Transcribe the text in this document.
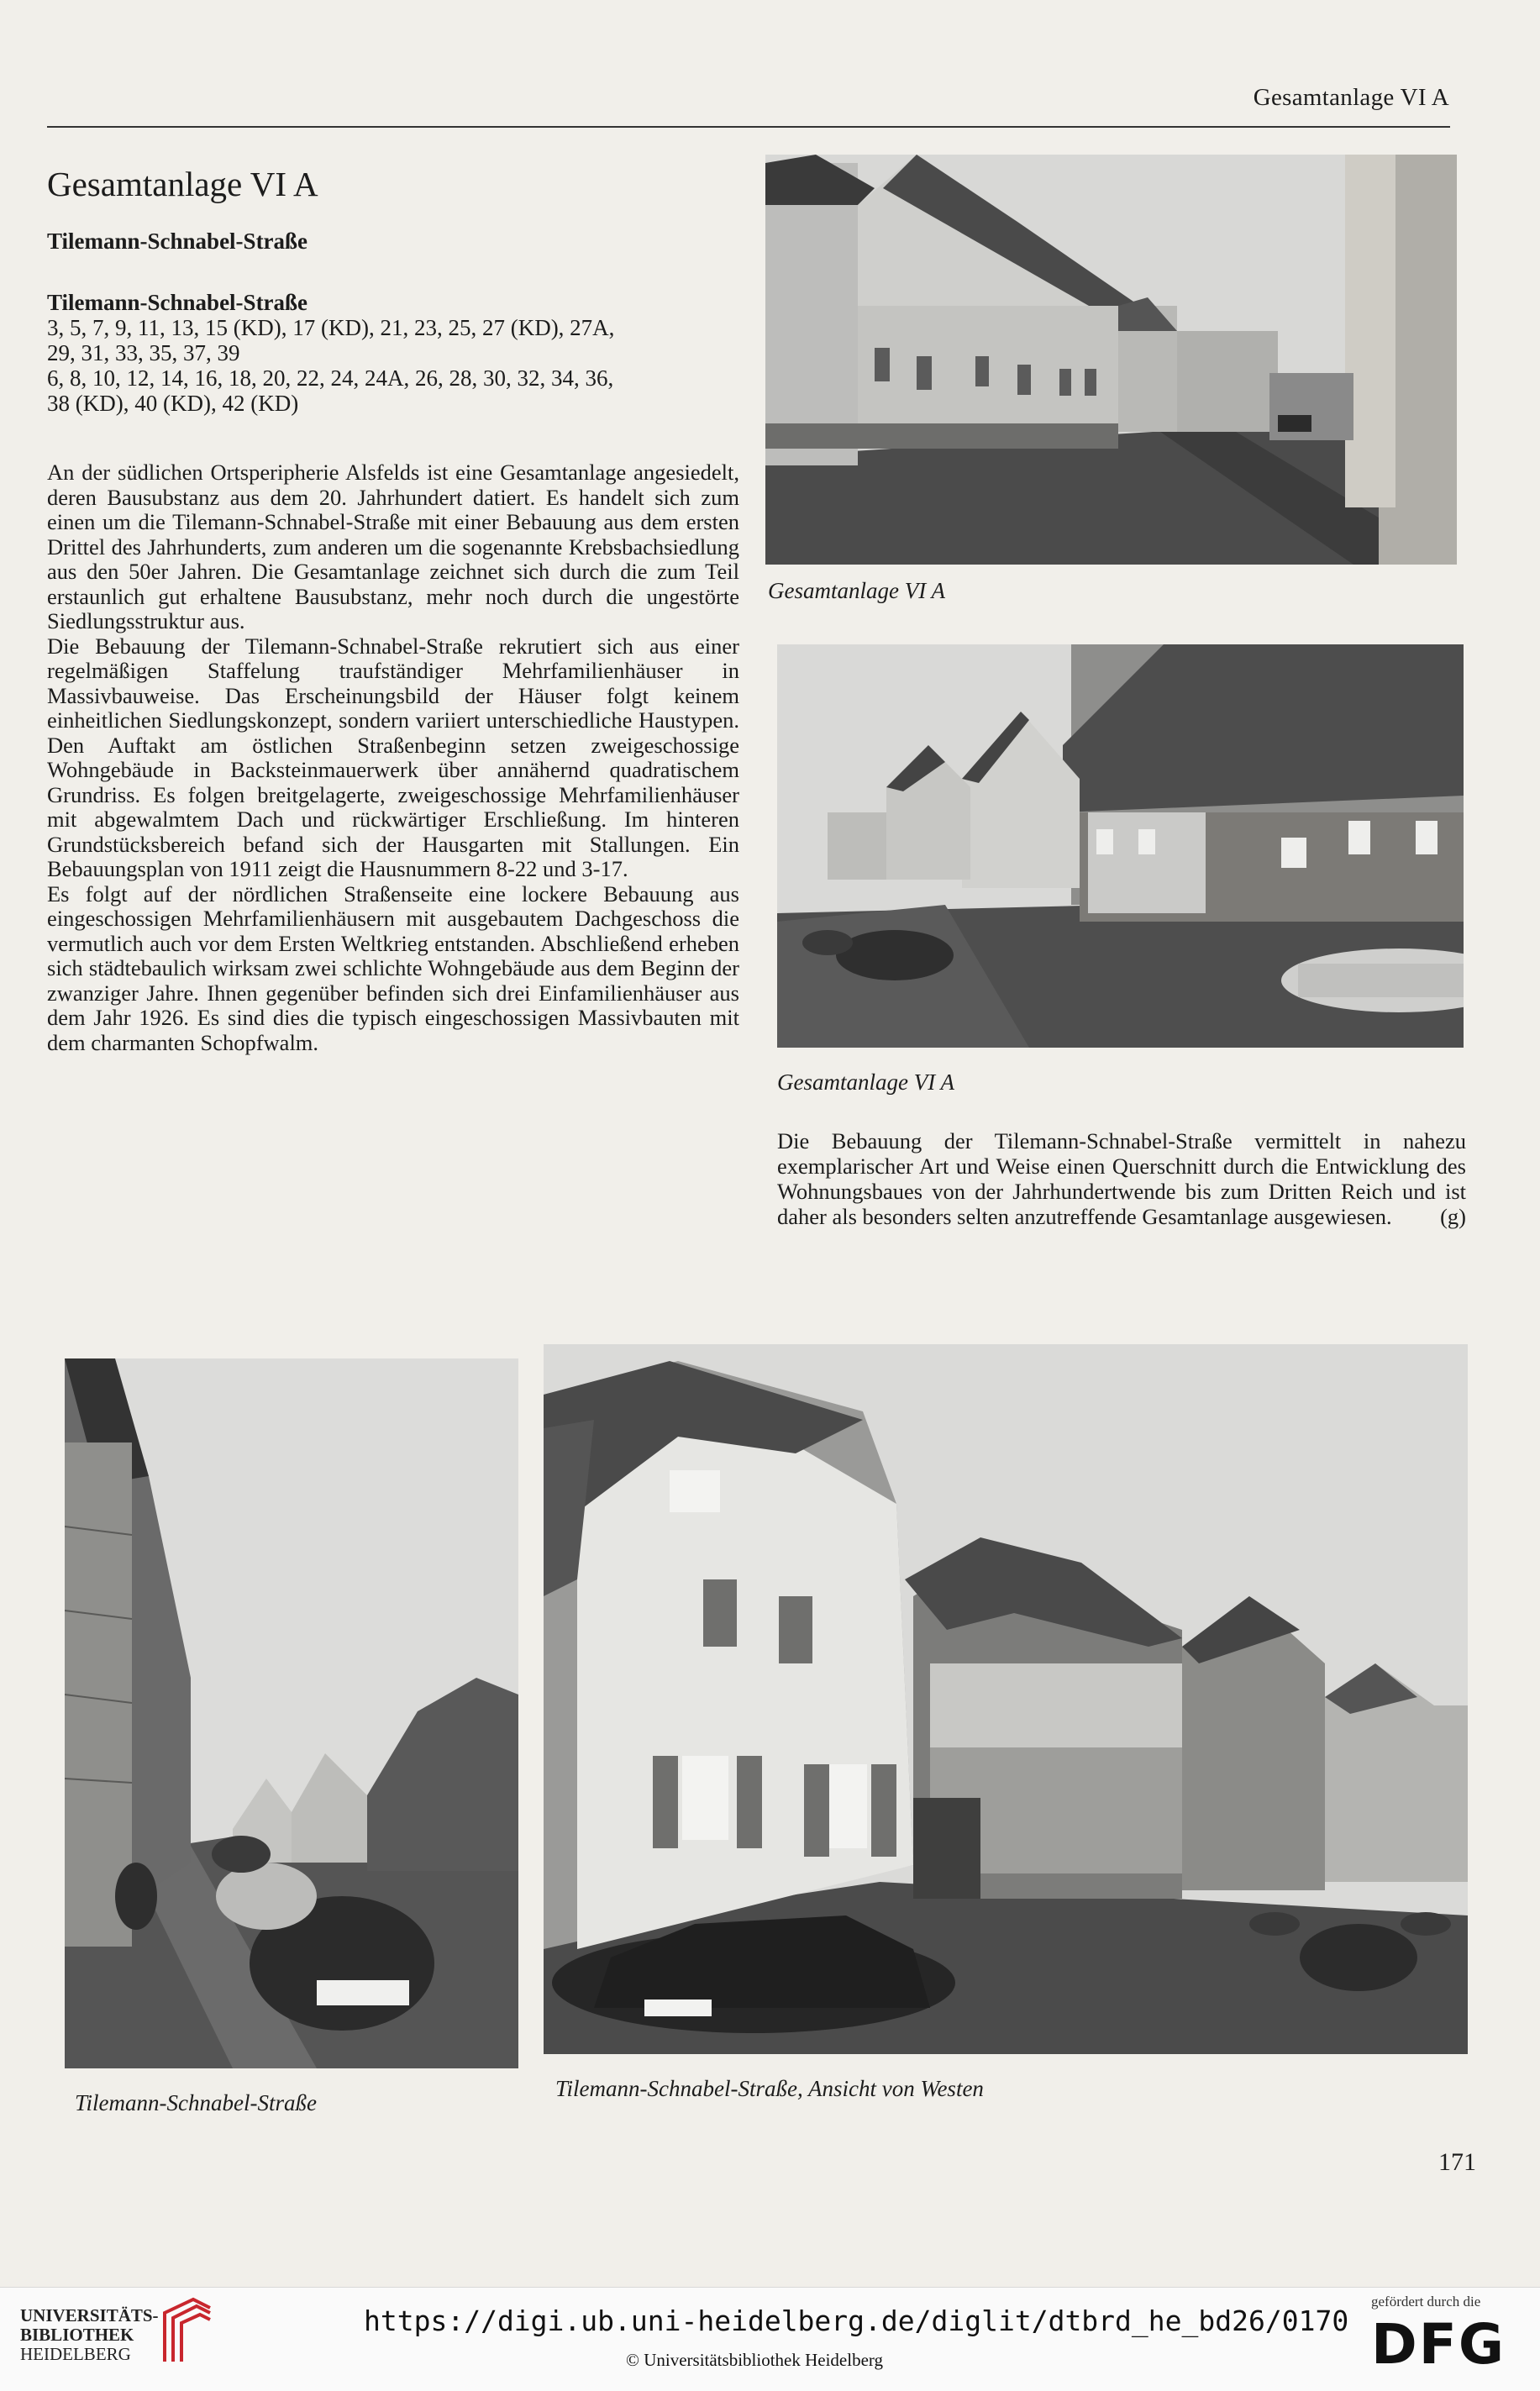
Gesamtanlage VI A
Gesamtanlage VI A
Tilemann-Schnabel-Straße
Tilemann-Schnabel-Straße
3, 5, 7, 9, 11, 13, 15 (KD), 17 (KD), 21, 23, 25, 27 (KD), 27A,
29, 31, 33, 35, 37, 39
6, 8, 10, 12, 14, 16, 18, 20, 22, 24, 24A, 26, 28, 30, 32, 34, 36,
38 (KD), 40 (KD), 42 (KD)

An der südlichen Ortsperipherie Alsfelds ist eine Gesamtanlage angesiedelt, deren Bausubstanz aus dem 20. Jahrhundert datiert. Es handelt sich zum einen um die Tilemann-Schnabel-Straße mit einer Bebauung aus dem ersten Drittel des Jahrhunderts, zum anderen um die sogenannte Krebsbachsiedlung aus den 50er Jahren. Die Gesamtanlage zeichnet sich durch die zum Teil erstaunlich gut erhaltene Bausubstanz, mehr noch durch die ungestörte Siedlungsstruktur aus.

Die Bebauung der Tilemann-Schnabel-Straße rekrutiert sich aus einer regelmäßigen Staffelung traufständiger Mehrfamilienhäuser in Massivbauweise. Das Erscheinungsbild der Häuser folgt keinem einheitlichen Siedlungskonzept, sondern variiert unterschiedliche Haustypen. Den Auftakt am östlichen Straßenbeginn setzen zweigeschossige Wohngebäude in Backsteinmauerwerk über annähernd quadratischem Grundriss. Es folgen breitgelagerte, zweigeschossige Mehrfamilienhäuser mit abgewalmtem Dach und rückwärtiger Erschließung. Im hinteren Grundstücksbereich befand sich der Hausgarten mit Stallungen. Ein Bebauungsplan von 1911 zeigt die Hausnummern 8-22 und 3-17.

Es folgt auf der nördlichen Straßenseite eine lockere Bebauung aus eingeschossigen Mehrfamilienhäusern mit ausgebautem Dachgeschoss die vermutlich auch vor dem Ersten Weltkrieg entstanden. Abschließend erheben sich städtebaulich wirksam zwei schlichte Wohngebäude aus dem Beginn der zwanziger Jahre. Ihnen gegenüber befinden sich drei Einfamilienhäuser aus dem Jahr 1926. Es sind dies die typisch eingeschossigen Massivbauten mit dem charmanten Schopfwalm.

Gesamtanlage VI A
Gesamtanlage VI A
Die Bebauung der Tilemann-Schnabel-Straße vermittelt in nahezu exemplarischer Art und Weise einen Querschnitt durch die Entwicklung des Wohnungsbaues von der Jahrhundertwende bis zum Dritten Reich und ist daher als besonders selten anzutreffende Gesamtanlage ausgewiesen. (g)
Tilemann-Schnabel-Straße
Tilemann-Schnabel-Straße, Ansicht von Westen
171
UNIVERSITÄTS-
BIBLIOTHEK
HEIDELBERG
https://digi.ub.uni-heidelberg.de/diglit/dtbrd_he_bd26/0170
© Universitätsbibliothek Heidelberg
gefördert durch die
DFG
